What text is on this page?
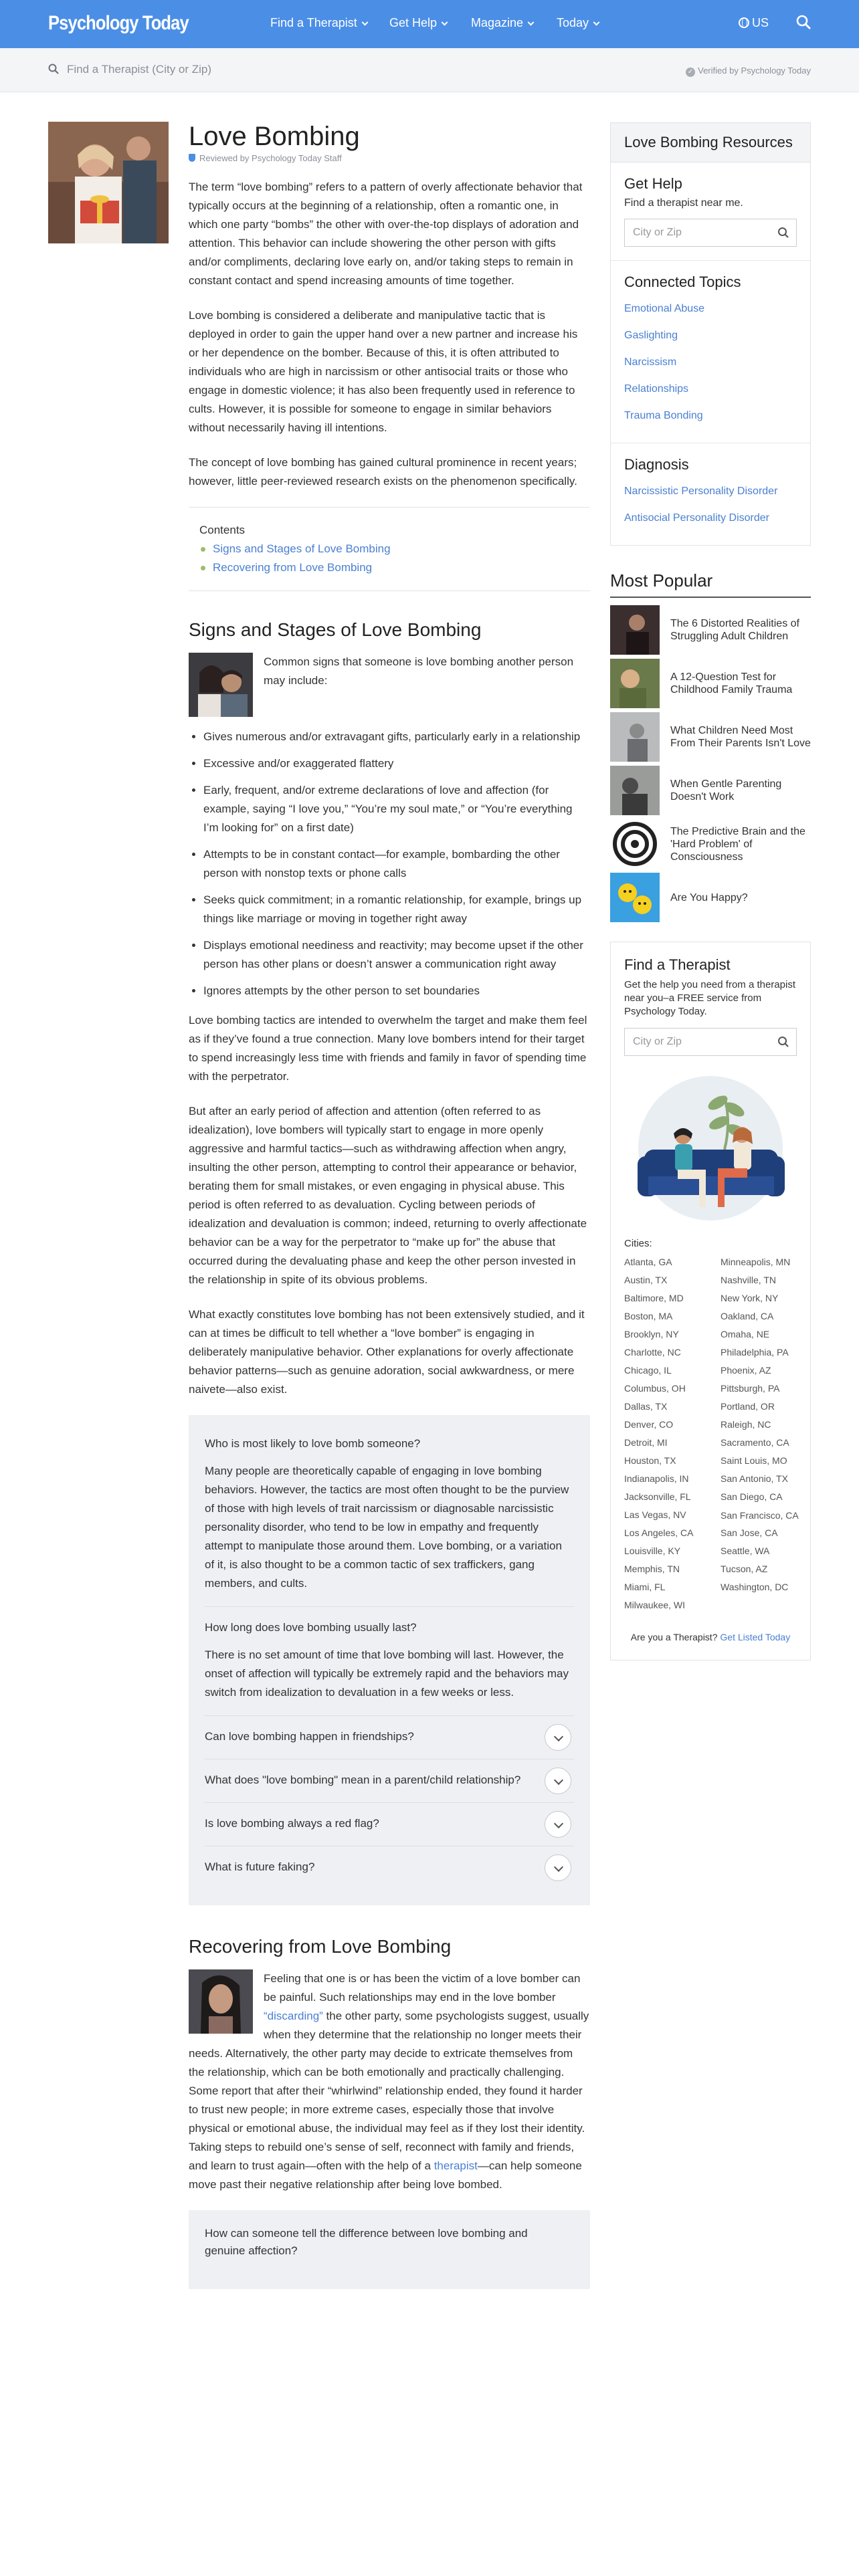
Psychology Today	Find a Therapist	Get Help	Magazine	Today	US
Find a Therapist (City or Zip)	✓ Verified by Psychology Today
Love Bombing
Reviewed by Psychology Today Staff

The term “love bombing” refers to a pattern of overly affectionate behavior that typically occurs at the beginning of a relationship, often a romantic one, in which one party “bombs” the other with over-the-top displays of adoration and attention. This behavior can include showering the other person with gifts and/or compliments, declaring love early on, and/or taking steps to remain in constant contact and spend increasing amounts of time together.

Love bombing is considered a deliberate and manipulative tactic that is deployed in order to gain the upper hand over a new partner and increase his or her dependence on the bomber. Because of this, it is often attributed to individuals who are high in narcissism or other antisocial traits or those who engage in domestic violence; it has also been frequently used in reference to cults. However, it is possible for someone to engage in similar behaviors without necessarily having ill intentions.

The concept of love bombing has gained cultural prominence in recent years; however, little peer-reviewed research exists on the phenomenon specifically.

Contents
Signs and Stages of Love Bombing
Recovering from Love Bombing
Signs and Stages of Love Bombing

Common signs that someone is love bombing another person may include:

• Gives numerous and/or extravagant gifts, particularly early in a relationship
• Excessive and/or exaggerated flattery
• Early, frequent, and/or extreme declarations of love and affection (for example, saying “I love you,” “You’re my soul mate,” or “You’re everything I’m looking for” on a first date)
• Attempts to be in constant contact—for example, bombarding the other person with nonstop texts or phone calls
• Seeks quick commitment; in a romantic relationship, for example, brings up things like marriage or moving in together right away
• Displays emotional neediness and reactivity; may become upset if the other person has other plans or doesn’t answer a communication right away
• Ignores attempts by the other person to set boundaries

Love bombing tactics are intended to overwhelm the target and make them feel as if they’ve found a true connection. Many love bombers intend for their target to spend increasingly less time with friends and family in favor of spending time with the perpetrator.

But after an early period of affection and attention (often referred to as idealization), love bombers will typically start to engage in more openly aggressive and harmful tactics—such as withdrawing affection when angry, insulting the other person, attempting to control their appearance or behavior, berating them for small mistakes, or even engaging in physical abuse. This period is often referred to as devaluation. Cycling between periods of idealization and devaluation is common; indeed, returning to overly affectionate behavior can be a way for the perpetrator to “make up for” the abuse that occurred during the devaluating phase and keep the other person invested in the relationship in spite of its obvious problems.

What exactly constitutes love bombing has not been extensively studied, and it can at times be difficult to tell whether a “love bomber” is engaging in deliberately manipulative behavior. Other explanations for overly affectionate behavior patterns—such as genuine adoration, social awkwardness, or mere naivete—also exist.

Who is most likely to love bomb someone?
Many people are theoretically capable of engaging in love bombing behaviors. However, the tactics are most often thought to be the purview of those with high levels of trait narcissism or diagnosable narcissistic personality disorder, who tend to be low in empathy and frequently attempt to manipulate those around them. Love bombing, or a variation of it, is also thought to be a common tactic of sex traffickers, gang members, and cults.
How long does love bombing usually last?
There is no set amount of time that love bombing will last. However, the onset of affection will typically be extremely rapid and the behaviors may switch from idealization to devaluation in a few weeks or less.
Can love bombing happen in friendships?
What does "love bombing" mean in a parent/child relationship?
Is love bombing always a red flag?
What is future faking?
Recovering from Love Bombing

Feeling that one is or has been the victim of a love bomber can be painful. Such relationships may end in the love bomber “discarding” the other party, some psychologists suggest, usually when they determine that the relationship no longer meets their needs. Alternatively, the other party may decide to extricate themselves from the relationship, which can be both emotionally and practically challenging. Some report that after their “whirlwind” relationship ended, they found it harder to trust new people; in more extreme cases, especially those that involve physical or emotional abuse, the individual may feel as if they lost their identity. Taking steps to rebuild one’s sense of self, reconnect with family and friends, and learn to trust again—often with the help of a therapist—can help someone move past their negative relationship after being love bombed.

How can someone tell the difference between love bombing and genuine affection?
Love Bombing Resources
Get Help
Find a therapist near me.
City or Zip
Connected Topics
Emotional Abuse
Gaslighting
Narcissism
Relationships
Trauma Bonding
Diagnosis
Narcissistic Personality Disorder
Antisocial Personality Disorder
Most Popular
The 6 Distorted Realities of Struggling Adult Children
A 12-Question Test for Childhood Family Trauma
What Children Need Most From Their Parents Isn't Love
When Gentle Parenting Doesn't Work
The Predictive Brain and the 'Hard Problem' of Consciousness
Are You Happy?
Find a Therapist
Get the help you need from a therapist near you–a FREE service from Psychology Today.
City or Zip
Cities:
Atlanta, GA
Austin, TX
Baltimore, MD
Boston, MA
Brooklyn, NY
Charlotte, NC
Chicago, IL
Columbus, OH
Dallas, TX
Denver, CO
Detroit, MI
Houston, TX
Indianapolis, IN
Jacksonville, FL
Las Vegas, NV
Los Angeles, CA
Louisville, KY
Memphis, TN
Miami, FL
Milwaukee, WI
Minneapolis, MN
Nashville, TN
New York, NY
Oakland, CA
Omaha, NE
Philadelphia, PA
Phoenix, AZ
Pittsburgh, PA
Portland, OR
Raleigh, NC
Sacramento, CA
Saint Louis, MO
San Antonio, TX
San Diego, CA
San Francisco, CA
San Jose, CA
Seattle, WA
Tucson, AZ
Washington, DC
Are you a Therapist? Get Listed Today
